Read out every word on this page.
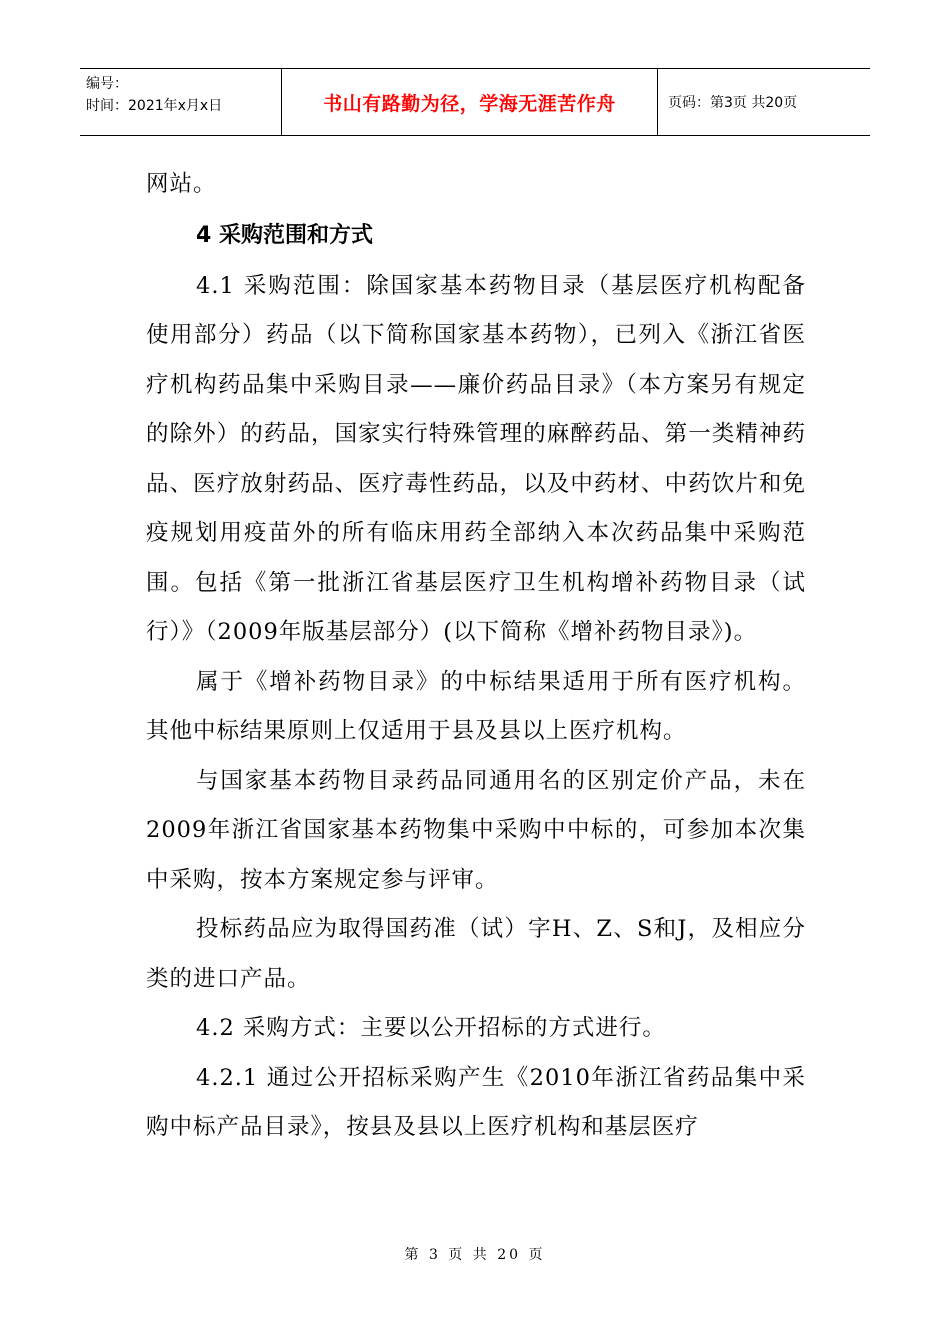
编号：
时间：2021年x月x日	书山有路勤为径，学海无涯苦作舟	页码：第3页 共20页

网站。

4 采购范围和方式

4.1 采购范围：除国家基本药物目录（基层医疗机构配备使用部分）药品（以下简称国家基本药物），已列入《浙江省医疗机构药品集中采购目录——廉价药品目录》（本方案另有规定的除外）的药品，国家实行特殊管理的麻醉药品、第一类精神药品、医疗放射药品、医疗毒性药品，以及中药材、中药饮片和免疫规划用疫苗外的所有临床用药全部纳入本次药品集中采购范围。包括《第一批浙江省基层医疗卫生机构增补药物目录（试行）》（2009年版基层部分）(以下简称《增补药物目录》)。

属于《增补药物目录》的中标结果适用于所有医疗机构。其他中标结果原则上仅适用于县及县以上医疗机构。

与国家基本药物目录药品同通用名的区别定价产品，未在2009年浙江省国家基本药物集中采购中中标的，可参加本次集中采购，按本方案规定参与评审。

投标药品应为取得国药准（试）字H、Z、S和J，及相应分类的进口产品。

4.2 采购方式：主要以公开招标的方式进行。

4.2.1 通过公开招标采购产生《2010年浙江省药品集中采购中标产品目录》，按县及县以上医疗机构和基层医疗

第 3 页 共 20 页
